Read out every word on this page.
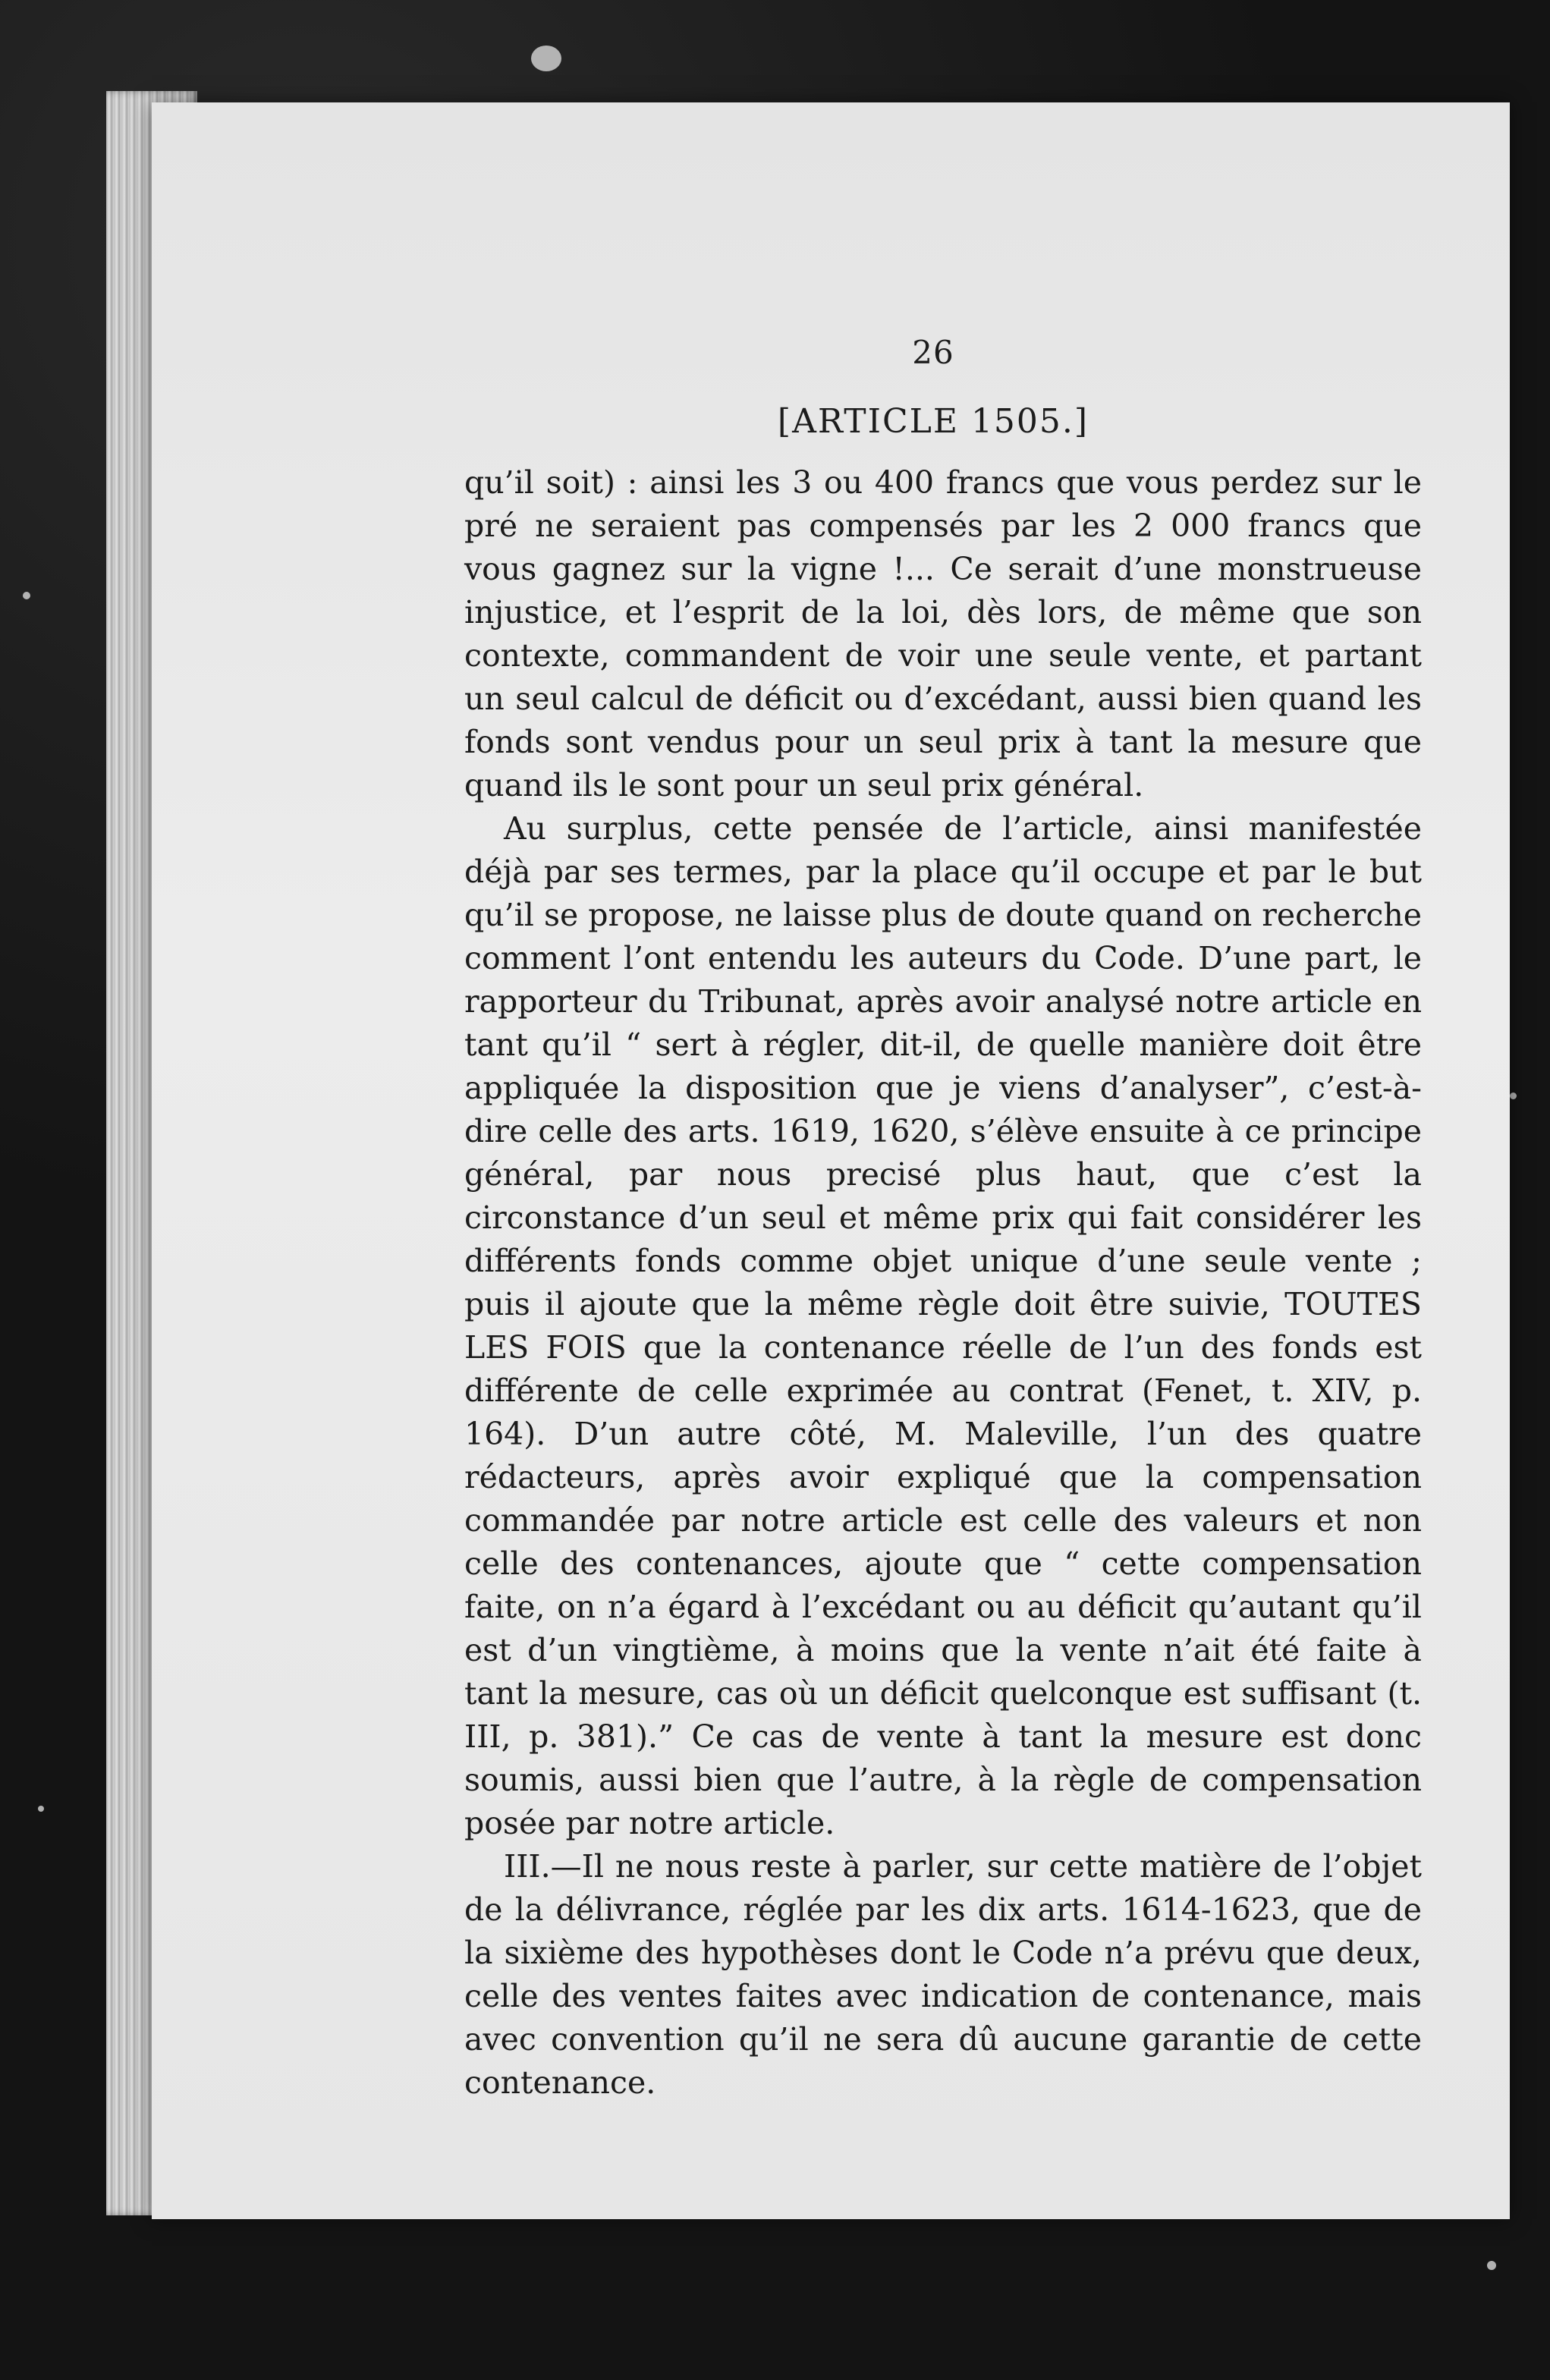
26
[ARTICLE 1505.]

qu’il soit) : ainsi les 3 ou 400 francs que vous perdez sur le pré ne seraient pas compensés par les 2 000 francs que vous gagnez sur la vigne !... Ce serait d’une monstrueuse injustice, et l’esprit de la loi, dès lors, de même que son contexte, commandent de voir une seule vente, et partant un seul calcul de déficit ou d’excédant, aussi bien quand les fonds sont vendus pour un seul prix à tant la mesure que quand ils le sont pour un seul prix général.

Au surplus, cette pensée de l’article, ainsi manifestée déjà par ses termes, par la place qu’il occupe et par le but qu’il se propose, ne laisse plus de doute quand on recherche comment l’ont entendu les auteurs du Code. D’une part, le rapporteur du Tribunat, après avoir analysé notre article en tant qu’il “ sert à régler, dit-il, de quelle manière doit être appliquée la disposition que je viens d’analyser”, c’est-à-dire celle des arts. 1619, 1620, s’élève ensuite à ce principe général, par nous precisé plus haut, que c’est la circonstance d’un seul et même prix qui fait considérer les différents fonds comme objet unique d’une seule vente ; puis il ajoute que la même règle doit être suivie, TOUTES LES FOIS que la contenance réelle de l’un des fonds est différente de celle exprimée au contrat (Fenet, t. XIV, p. 164). D’un autre côté, M. Maleville, l’un des quatre rédacteurs, après avoir expliqué que la compensation commandée par notre article est celle des valeurs et non celle des contenances, ajoute que “ cette compensation faite, on n’a égard à l’excédant ou au déficit qu’autant qu’il est d’un vingtième, à moins que la vente n’ait été faite à tant la mesure, cas où un déficit quelconque est suffisant (t. III, p. 381).” Ce cas de vente à tant la mesure est donc soumis, aussi bien que l’autre, à la règle de compensation posée par notre article.

III.—Il ne nous reste à parler, sur cette matière de l’objet de la délivrance, réglée par les dix arts. 1614-1623, que de la sixième des hypothèses dont le Code n’a prévu que deux, celle des ventes faites avec indication de contenance, mais avec convention qu’il ne sera dû aucune garantie de cette contenance.
